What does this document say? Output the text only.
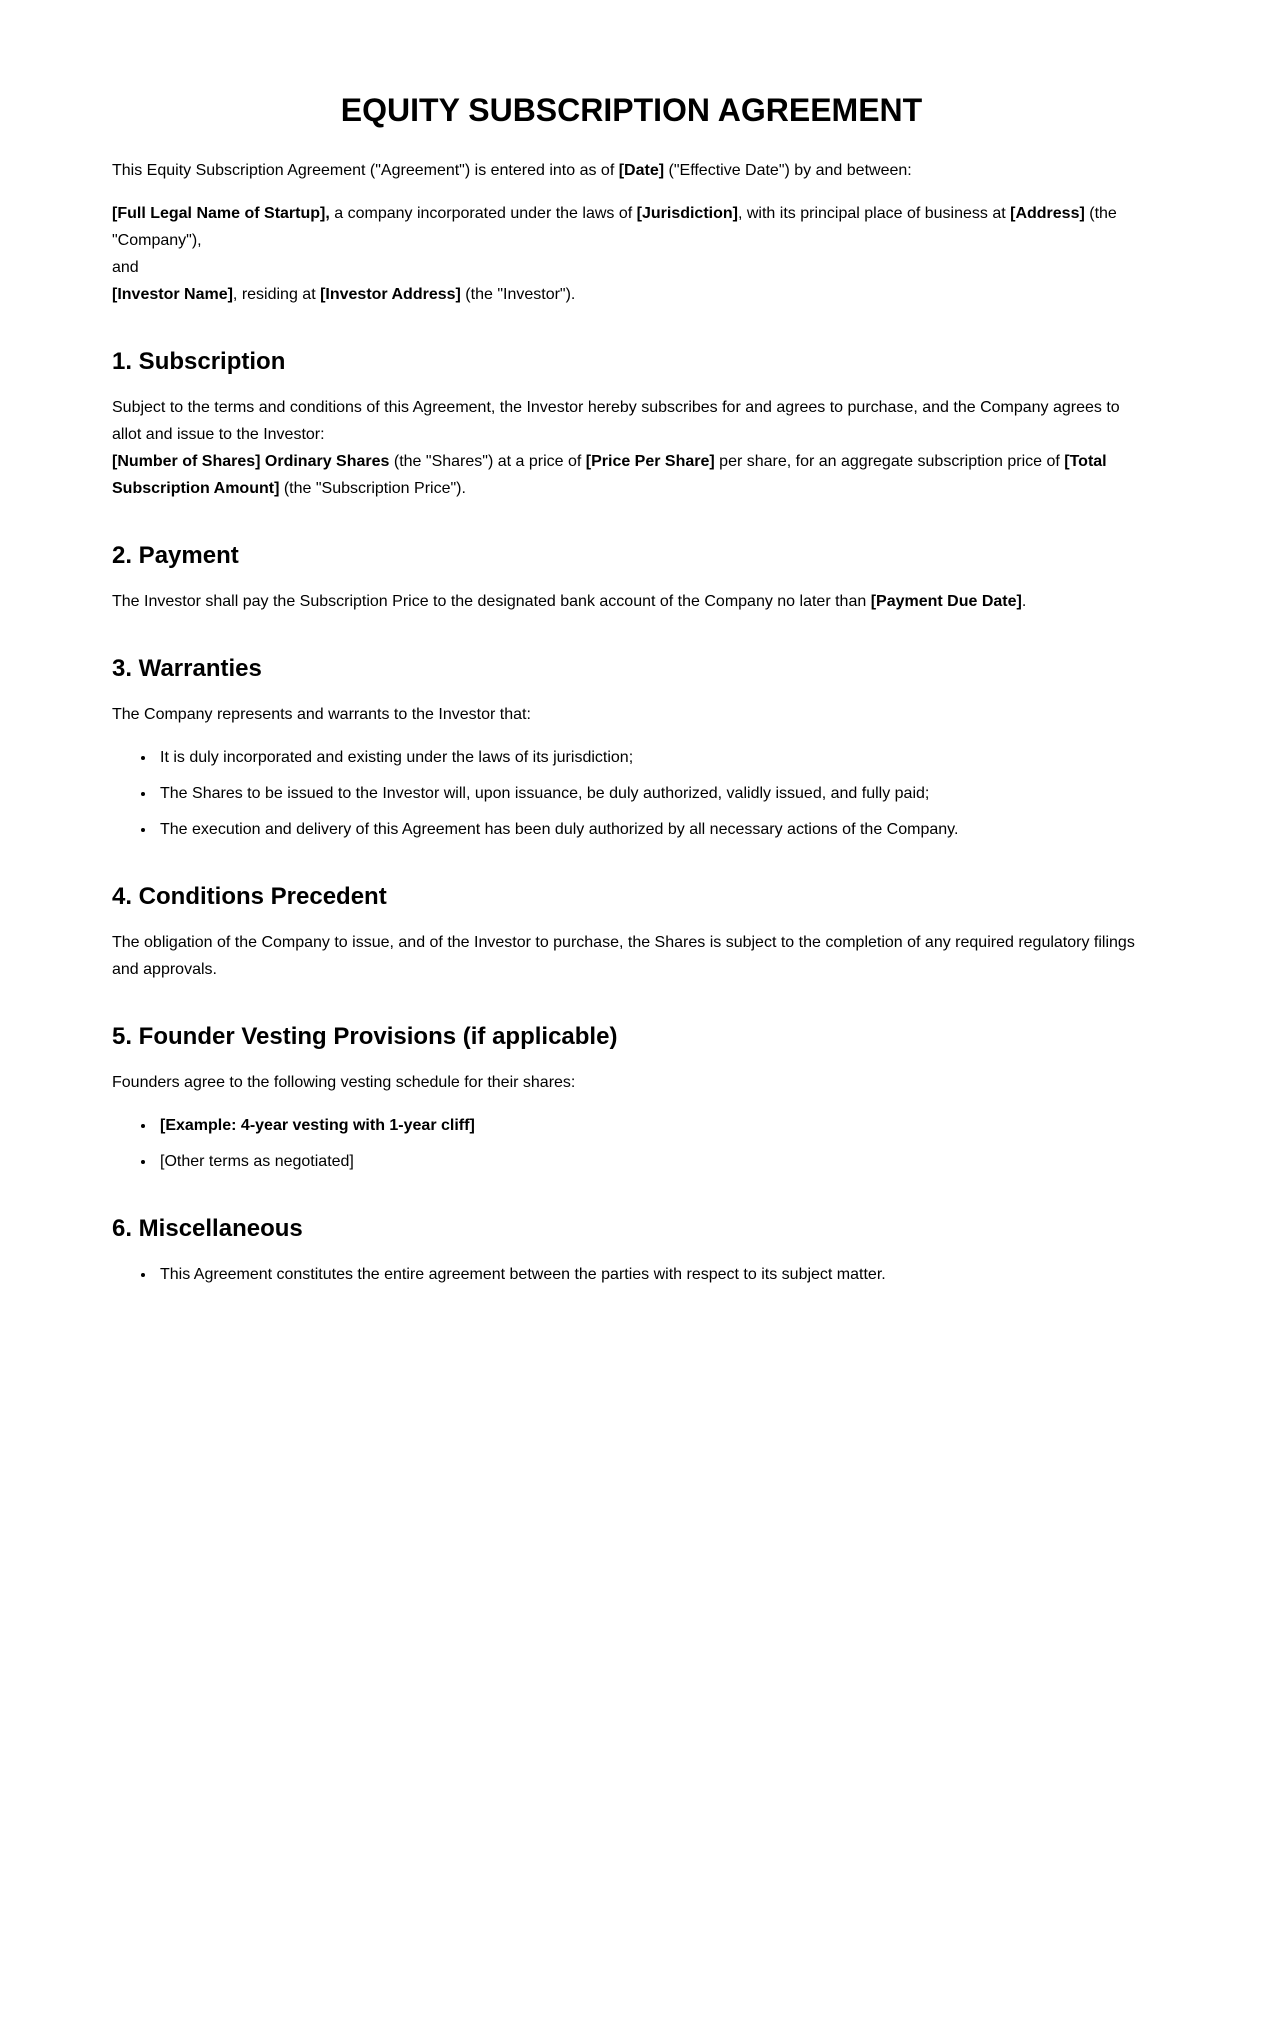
EQUITY SUBSCRIPTION AGREEMENT

This Equity Subscription Agreement ("Agreement") is entered into as of [Date] ("Effective Date") by and between:

[Full Legal Name of Startup], a company incorporated under the laws of [Jurisdiction], with its principal place of business at [Address] (the "Company"),
and
[Investor Name], residing at [Investor Address] (the "Investor").

1. Subscription

Subject to the terms and conditions of this Agreement, the Investor hereby subscribes for and agrees to purchase, and the Company agrees to allot and issue to the Investor:
[Number of Shares] Ordinary Shares (the "Shares") at a price of [Price Per Share] per share, for an aggregate subscription price of [Total Subscription Amount] (the "Subscription Price").

2. Payment

The Investor shall pay the Subscription Price to the designated bank account of the Company no later than [Payment Due Date].

3. Warranties

The Company represents and warrants to the Investor that:

• It is duly incorporated and existing under the laws of its jurisdiction;
• The Shares to be issued to the Investor will, upon issuance, be duly authorized, validly issued, and fully paid;
• The execution and delivery of this Agreement has been duly authorized by all necessary actions of the Company.
4. Conditions Precedent

The obligation of the Company to issue, and of the Investor to purchase, the Shares is subject to the completion of any required regulatory filings and approvals.

5. Founder Vesting Provisions (if applicable)

Founders agree to the following vesting schedule for their shares:

• [Example: 4-year vesting with 1-year cliff]
• [Other terms as negotiated]
6. Miscellaneous
• This Agreement constitutes the entire agreement between the parties with respect to its subject matter.
